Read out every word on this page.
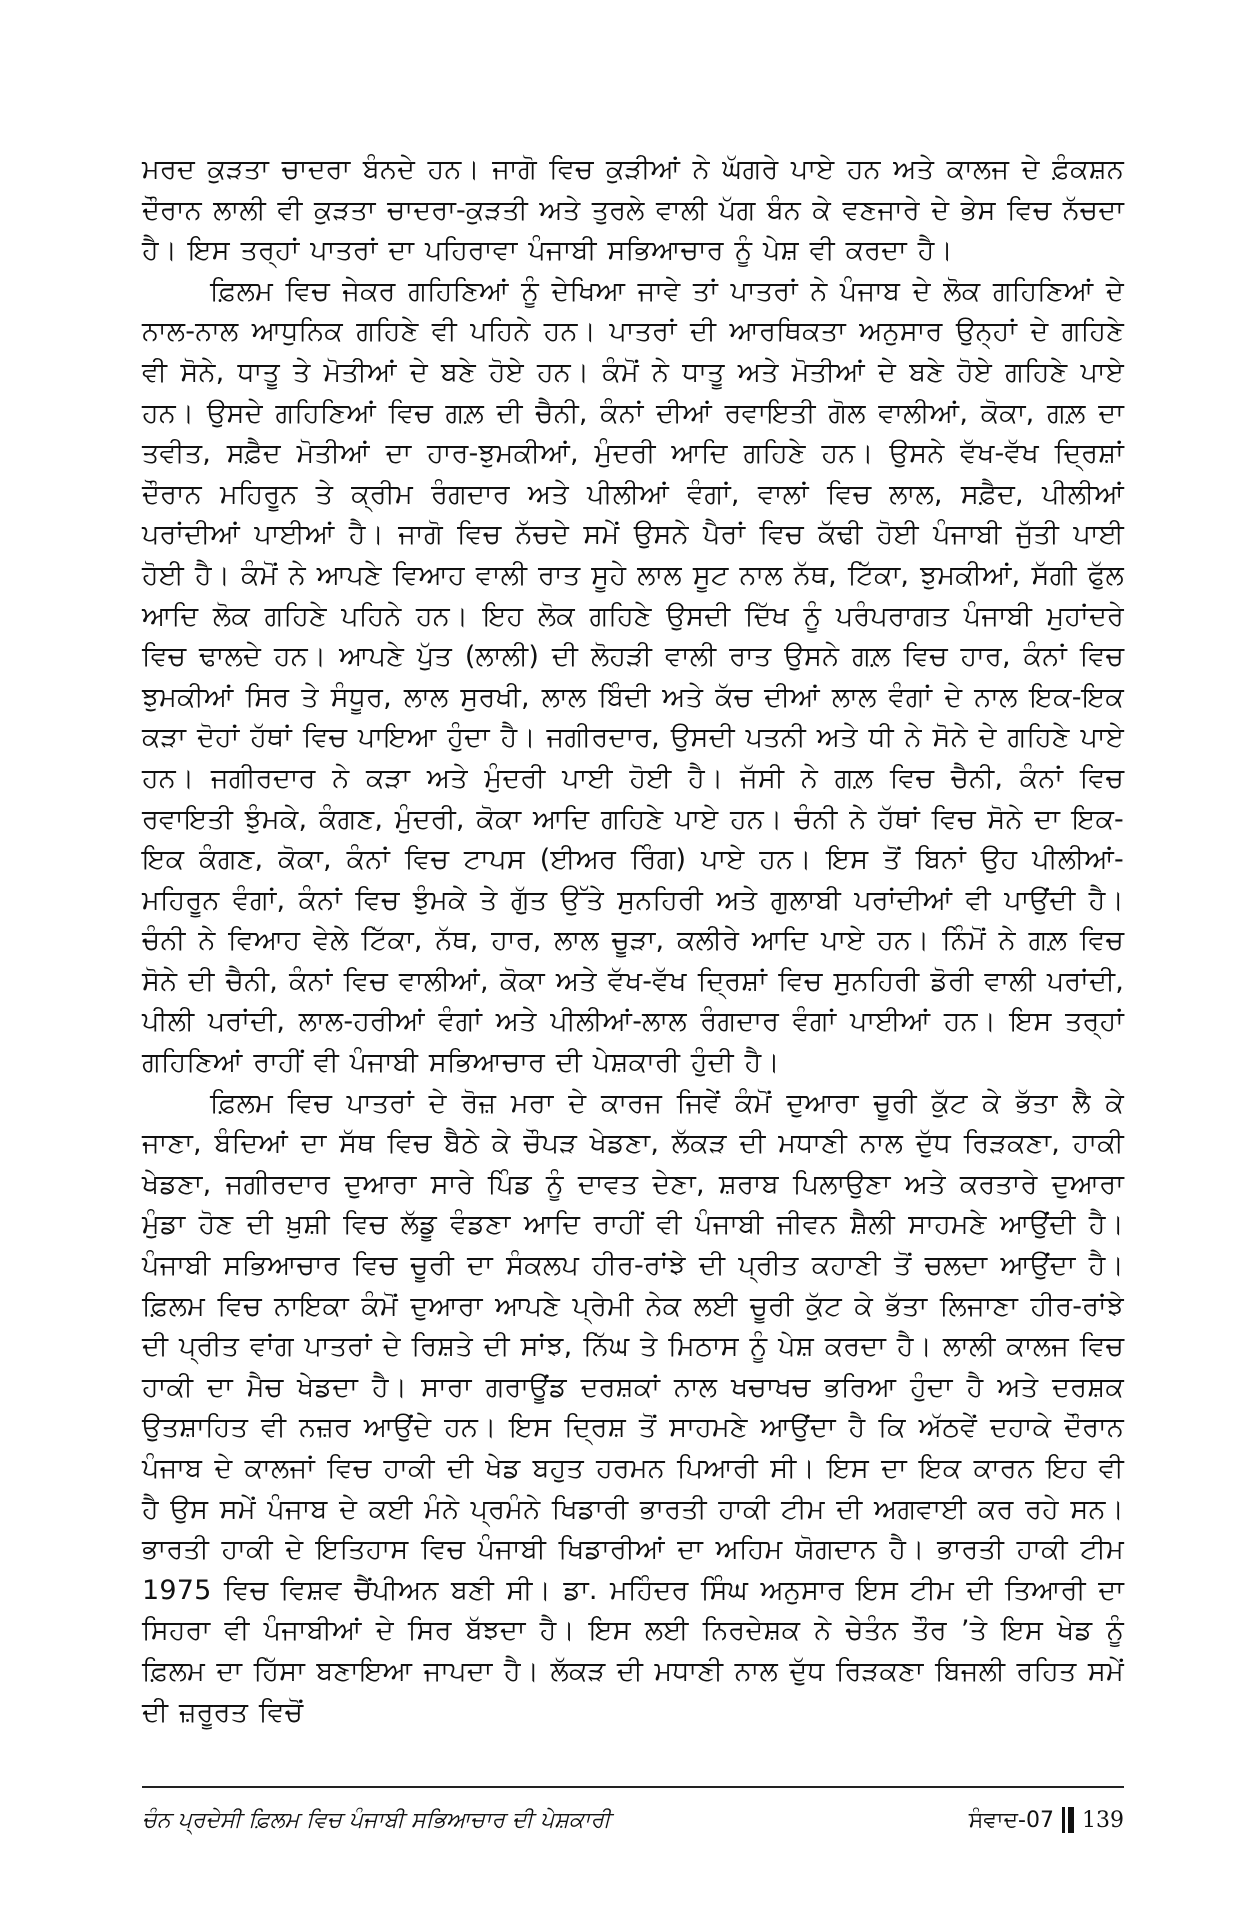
ਮਰਦ ਕੁੜਤਾ ਚਾਦਰਾ ਬੰਨਦੇ ਹਨ। ਜਾਗੋ ਵਿਚ ਕੁੜੀਆਂ ਨੇ ਘੱਗਰੇ ਪਾਏ ਹਨ ਅਤੇ ਕਾਲਜ ਦੇ ਫ਼ੰਕਸ਼ਨ ਦੌਰਾਨ ਲਾਲੀ ਵੀ ਕੁੜਤਾ ਚਾਦਰਾ-ਕੁੜਤੀ ਅਤੇ ਤੁਰਲੇ ਵਾਲੀ ਪੱਗ ਬੰਨ ਕੇ ਵਣਜਾਰੇ ਦੇ ਭੇਸ ਵਿਚ ਨੱਚਦਾ ਹੈ। ਇਸ ਤਰ੍ਹਾਂ ਪਾਤਰਾਂ ਦਾ ਪਹਿਰਾਵਾ ਪੰਜਾਬੀ ਸਭਿਆਚਾਰ ਨੂੰ ਪੇਸ਼ ਵੀ ਕਰਦਾ ਹੈ।

ਫ਼ਿਲਮ ਵਿਚ ਜੇਕਰ ਗਹਿਣਿਆਂ ਨੂੰ ਦੇਖਿਆ ਜਾਵੇ ਤਾਂ ਪਾਤਰਾਂ ਨੇ ਪੰਜਾਬ ਦੇ ਲੋਕ ਗਹਿਣਿਆਂ ਦੇ ਨਾਲ-ਨਾਲ ਆਧੁਨਿਕ ਗਹਿਣੇ ਵੀ ਪਹਿਨੇ ਹਨ। ਪਾਤਰਾਂ ਦੀ ਆਰਥਿਕਤਾ ਅਨੁਸਾਰ ਉਨ੍ਹਾਂ ਦੇ ਗਹਿਣੇ ਵੀ ਸੋਨੇ, ਧਾਤੂ ਤੇ ਮੋਤੀਆਂ ਦੇ ਬਣੇ ਹੋਏ ਹਨ। ਕੰਮੋਂ ਨੇ ਧਾਤੂ ਅਤੇ ਮੋਤੀਆਂ ਦੇ ਬਣੇ ਹੋਏ ਗਹਿਣੇ ਪਾਏ ਹਨ। ਉਸਦੇ ਗਹਿਣਿਆਂ ਵਿਚ ਗਲ਼ ਦੀ ਚੈਨੀ, ਕੰਨਾਂ ਦੀਆਂ ਰਵਾਇਤੀ ਗੋਲ ਵਾਲੀਆਂ, ਕੋਕਾ, ਗਲ਼ ਦਾ ਤਵੀਤ, ਸਫ਼ੈਦ ਮੋਤੀਆਂ ਦਾ ਹਾਰ-ਝੁਮਕੀਆਂ, ਮੁੰਦਰੀ ਆਦਿ ਗਹਿਣੇ ਹਨ। ਉਸਨੇ ਵੱਖ-ਵੱਖ ਦ੍ਰਿਸ਼ਾਂ ਦੌਰਾਨ ਮਹਿਰੂਨ ਤੇ ਕ੍ਰੀਮ ਰੰਗਦਾਰ ਅਤੇ ਪੀਲੀਆਂ ਵੰਗਾਂ, ਵਾਲਾਂ ਵਿਚ ਲਾਲ, ਸਫ਼ੈਦ, ਪੀਲੀਆਂ ਪਰਾਂਦੀਆਂ ਪਾਈਆਂ ਹੈ। ਜਾਗੋ ਵਿਚ ਨੱਚਦੇ ਸਮੇਂ ਉਸਨੇ ਪੈਰਾਂ ਵਿਚ ਕੱਢੀ ਹੋਈ ਪੰਜਾਬੀ ਜੁੱਤੀ ਪਾਈ ਹੋਈ ਹੈ। ਕੰਮੋਂ ਨੇ ਆਪਣੇ ਵਿਆਹ ਵਾਲੀ ਰਾਤ ਸੂਹੇ ਲਾਲ ਸੂਟ ਨਾਲ ਨੱਥ, ਟਿੱਕਾ, ਝੁਮਕੀਆਂ, ਸੱਗੀ ਫੁੱਲ ਆਦਿ ਲੋਕ ਗਹਿਣੇ ਪਹਿਨੇ ਹਨ। ਇਹ ਲੋਕ ਗਹਿਣੇ ਉਸਦੀ ਦਿੱਖ ਨੂੰ ਪਰੰਪਰਾਗਤ ਪੰਜਾਬੀ ਮੁਹਾਂਦਰੇ ਵਿਚ ਢਾਲਦੇ ਹਨ। ਆਪਣੇ ਪੁੱਤ (ਲਾਲੀ) ਦੀ ਲੋਹੜੀ ਵਾਲੀ ਰਾਤ ਉਸਨੇ ਗਲ਼ ਵਿਚ ਹਾਰ, ਕੰਨਾਂ ਵਿਚ ਝੁਮਕੀਆਂ ਸਿਰ ਤੇ ਸੰਧੂਰ, ਲਾਲ ਸੁਰਖੀ, ਲਾਲ ਬਿੰਦੀ ਅਤੇ ਕੱਚ ਦੀਆਂ ਲਾਲ ਵੰਗਾਂ ਦੇ ਨਾਲ ਇਕ-ਇਕ ਕੜਾ ਦੋਹਾਂ ਹੱਥਾਂ ਵਿਚ ਪਾਇਆ ਹੁੰਦਾ ਹੈ। ਜਗੀਰਦਾਰ, ਉਸਦੀ ਪਤਨੀ ਅਤੇ ਧੀ ਨੇ ਸੋਨੇ ਦੇ ਗਹਿਣੇ ਪਾਏ ਹਨ। ਜਗੀਰਦਾਰ ਨੇ ਕੜਾ ਅਤੇ ਮੁੰਦਰੀ ਪਾਈ ਹੋਈ ਹੈ। ਜੱਸੀ ਨੇ ਗਲ਼ ਵਿਚ ਚੈਨੀ, ਕੰਨਾਂ ਵਿਚ ਰਵਾਇਤੀ ਝੁੰਮਕੇ, ਕੰਗਣ, ਮੁੰਦਰੀ, ਕੋਕਾ ਆਦਿ ਗਹਿਣੇ ਪਾਏ ਹਨ। ਚੰਨੀ ਨੇ ਹੱਥਾਂ ਵਿਚ ਸੋਨੇ ਦਾ ਇਕ-ਇਕ ਕੰਗਣ, ਕੋਕਾ, ਕੰਨਾਂ ਵਿਚ ਟਾਪਸ (ਈਅਰ ਰਿੰਗ) ਪਾਏ ਹਨ। ਇਸ ਤੋਂ ਬਿਨਾਂ ਉਹ ਪੀਲੀਆਂ-ਮਹਿਰੂਨ ਵੰਗਾਂ, ਕੰਨਾਂ ਵਿਚ ਝੁੰਮਕੇ ਤੇ ਗੁੱਤ ਉੱਤੇ ਸੁਨਹਿਰੀ ਅਤੇ ਗੁਲਾਬੀ ਪਰਾਂਦੀਆਂ ਵੀ ਪਾਉਂਦੀ ਹੈ। ਚੰਨੀ ਨੇ ਵਿਆਹ ਵੇਲੇ ਟਿੱਕਾ, ਨੱਥ, ਹਾਰ, ਲਾਲ ਚੂੜਾ, ਕਲੀਰੇ ਆਦਿ ਪਾਏ ਹਨ। ਨਿੰਮੋਂ ਨੇ ਗਲ਼ ਵਿਚ ਸੋਨੇ ਦੀ ਚੈਨੀ, ਕੰਨਾਂ ਵਿਚ ਵਾਲੀਆਂ, ਕੋਕਾ ਅਤੇ ਵੱਖ-ਵੱਖ ਦ੍ਰਿਸ਼ਾਂ ਵਿਚ ਸੁਨਹਿਰੀ ਡੋਰੀ ਵਾਲੀ ਪਰਾਂਦੀ, ਪੀਲੀ ਪਰਾਂਦੀ, ਲਾਲ-ਹਰੀਆਂ ਵੰਗਾਂ ਅਤੇ ਪੀਲੀਆਂ-ਲਾਲ ਰੰਗਦਾਰ ਵੰਗਾਂ ਪਾਈਆਂ ਹਨ। ਇਸ ਤਰ੍ਹਾਂ ਗਹਿਣਿਆਂ ਰਾਹੀਂ ਵੀ ਪੰਜਾਬੀ ਸਭਿਆਚਾਰ ਦੀ ਪੇਸ਼ਕਾਰੀ ਹੁੰਦੀ ਹੈ।

ਫ਼ਿਲਮ ਵਿਚ ਪਾਤਰਾਂ ਦੇ ਰੋਜ਼ ਮਰਾ ਦੇ ਕਾਰਜ ਜਿਵੇਂ ਕੰਮੋਂ ਦੁਆਰਾ ਚੂਰੀ ਕੁੱਟ ਕੇ ਭੱਤਾ ਲੈ ਕੇ ਜਾਣਾ, ਬੰਦਿਆਂ ਦਾ ਸੱਥ ਵਿਚ ਬੈਠੇ ਕੇ ਚੌਪੜ ਖੇਡਣਾ, ਲੱਕੜ ਦੀ ਮਧਾਣੀ ਨਾਲ ਦੁੱਧ ਰਿੜਕਣਾ, ਹਾਕੀ ਖੇਡਣਾ, ਜਗੀਰਦਾਰ ਦੁਆਰਾ ਸਾਰੇ ਪਿੰਡ ਨੂੰ ਦਾਵਤ ਦੇਣਾ, ਸ਼ਰਾਬ ਪਿਲਾਉਣਾ ਅਤੇ ਕਰਤਾਰੇ ਦੁਆਰਾ ਮੁੰਡਾ ਹੋਣ ਦੀ ਖ਼ੁਸ਼ੀ ਵਿਚ ਲੱਡੂ ਵੰਡਣਾ ਆਦਿ ਰਾਹੀਂ ਵੀ ਪੰਜਾਬੀ ਜੀਵਨ ਸ਼ੈਲੀ ਸਾਹਮਣੇ ਆਉਂਦੀ ਹੈ। ਪੰਜਾਬੀ ਸਭਿਆਚਾਰ ਵਿਚ ਚੂਰੀ ਦਾ ਸੰਕਲਪ ਹੀਰ-ਰਾਂਝੇ ਦੀ ਪ੍ਰੀਤ ਕਹਾਣੀ ਤੋਂ ਚਲਦਾ ਆਉਂਦਾ ਹੈ। ਫ਼ਿਲਮ ਵਿਚ ਨਾਇਕਾ ਕੰਮੋਂ ਦੁਆਰਾ ਆਪਣੇ ਪ੍ਰੇਮੀ ਨੇਕ ਲਈ ਚੂਰੀ ਕੁੱਟ ਕੇ ਭੱਤਾ ਲਿਜਾਣਾ ਹੀਰ-ਰਾਂਝੇ ਦੀ ਪ੍ਰੀਤ ਵਾਂਗ ਪਾਤਰਾਂ ਦੇ ਰਿਸ਼ਤੇ ਦੀ ਸਾਂਝ, ਨਿੱਘ ਤੇ ਮਿਠਾਸ ਨੂੰ ਪੇਸ਼ ਕਰਦਾ ਹੈ। ਲਾਲੀ ਕਾਲਜ ਵਿਚ ਹਾਕੀ ਦਾ ਮੈਚ ਖੇਡਦਾ ਹੈ। ਸਾਰਾ ਗਰਾਊਂਡ ਦਰਸ਼ਕਾਂ ਨਾਲ ਖਚਾਖਚ ਭਰਿਆ ਹੁੰਦਾ ਹੈ ਅਤੇ ਦਰਸ਼ਕ ਉਤਸ਼ਾਹਿਤ ਵੀ ਨਜ਼ਰ ਆਉਂਦੇ ਹਨ। ਇਸ ਦ੍ਰਿਸ਼ ਤੋਂ ਸਾਹਮਣੇ ਆਉਂਦਾ ਹੈ ਕਿ ਅੱਠਵੇਂ ਦਹਾਕੇ ਦੌਰਾਨ ਪੰਜਾਬ ਦੇ ਕਾਲਜਾਂ ਵਿਚ ਹਾਕੀ ਦੀ ਖੇਡ ਬਹੁਤ ਹਰਮਨ ਪਿਆਰੀ ਸੀ। ਇਸ ਦਾ ਇਕ ਕਾਰਨ ਇਹ ਵੀ ਹੈ ਉਸ ਸਮੇਂ ਪੰਜਾਬ ਦੇ ਕਈ ਮੰਨੇ ਪ੍ਰਮੰਨੇ ਖਿਡਾਰੀ ਭਾਰਤੀ ਹਾਕੀ ਟੀਮ ਦੀ ਅਗਵਾਈ ਕਰ ਰਹੇ ਸਨ। ਭਾਰਤੀ ਹਾਕੀ ਦੇ ਇਤਿਹਾਸ ਵਿਚ ਪੰਜਾਬੀ ਖਿਡਾਰੀਆਂ ਦਾ ਅਹਿਮ ਯੋਗਦਾਨ ਹੈ। ਭਾਰਤੀ ਹਾਕੀ ਟੀਮ 1975 ਵਿਚ ਵਿਸ਼ਵ ਚੈਂਪੀਅਨ ਬਣੀ ਸੀ। ਡਾ. ਮਹਿੰਦਰ ਸਿੰਘ ਅਨੁਸਾਰ ਇਸ ਟੀਮ ਦੀ ਤਿਆਰੀ ਦਾ ਸਿਹਰਾ ਵੀ ਪੰਜਾਬੀਆਂ ਦੇ ਸਿਰ ਬੱਝਦਾ ਹੈ। ਇਸ ਲਈ ਨਿਰਦੇਸ਼ਕ ਨੇ ਚੇਤੰਨ ਤੌਰ ’ਤੇ ਇਸ ਖੇਡ ਨੂੰ ਫ਼ਿਲਮ ਦਾ ਹਿੱਸਾ ਬਣਾਇਆ ਜਾਪਦਾ ਹੈ। ਲੱਕੜ ਦੀ ਮਧਾਣੀ ਨਾਲ ਦੁੱਧ ਰਿੜਕਣਾ ਬਿਜਲੀ ਰਹਿਤ ਸਮੇਂ ਦੀ ਜ਼ਰੂਰਤ ਵਿਚੋਂ

ਚੰਨ ਪ੍ਰਦੇਸੀ ਫ਼ਿਲਮ ਵਿਚ ਪੰਜਾਬੀ ਸਭਿਆਚਾਰ ਦੀ ਪੇਸ਼ਕਾਰੀ	ਸੰਵਾਦ-07 139
